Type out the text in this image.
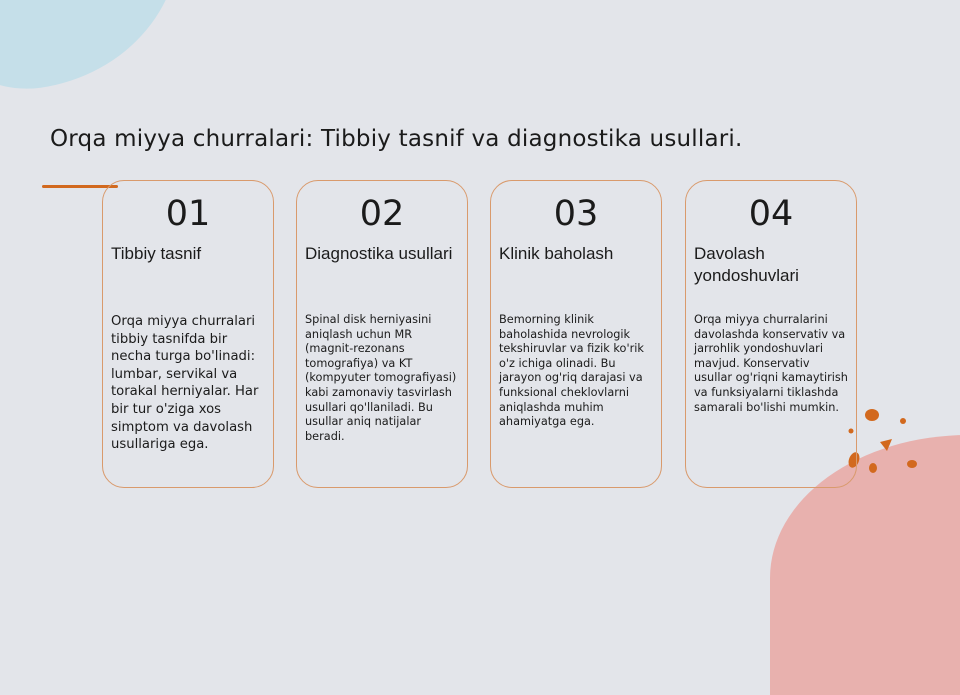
Orqa miyya churralari: Tibbiy tasnif va diagnostika usullari.
01
Tibbiy tasnif
Orqa miyya churralari tibbiy tasnifda bir necha turga bo'linadi: lumbar, servikal va torakal herniyalar. Har bir tur o'ziga xos simptom va davolash usullariga ega.
02
Diagnostika usullari
Spinal disk herniyasini aniqlash uchun MR (magnit-rezonans tomografiya) va KT (kompyuter tomografiyasi) kabi zamonaviy tasvirlash usullari qo'llaniladi. Bu usullar aniq natijalar beradi.
03
Klinik baholash
Bemorning klinik baholashida nevrologik tekshiruvlar va fizik ko'rik o'z ichiga olinadi. Bu jarayon og'riq darajasi va funksional cheklovlarni aniqlashda muhim ahamiyatga ega.
04
Davolash yondoshuvlari
Orqa miyya churralarini davolashda konservativ va jarrohlik yondoshuvlari mavjud. Konservativ usullar og'riqni kamaytirish va funksiyalarni tiklashda samarali bo'lishi mumkin.
